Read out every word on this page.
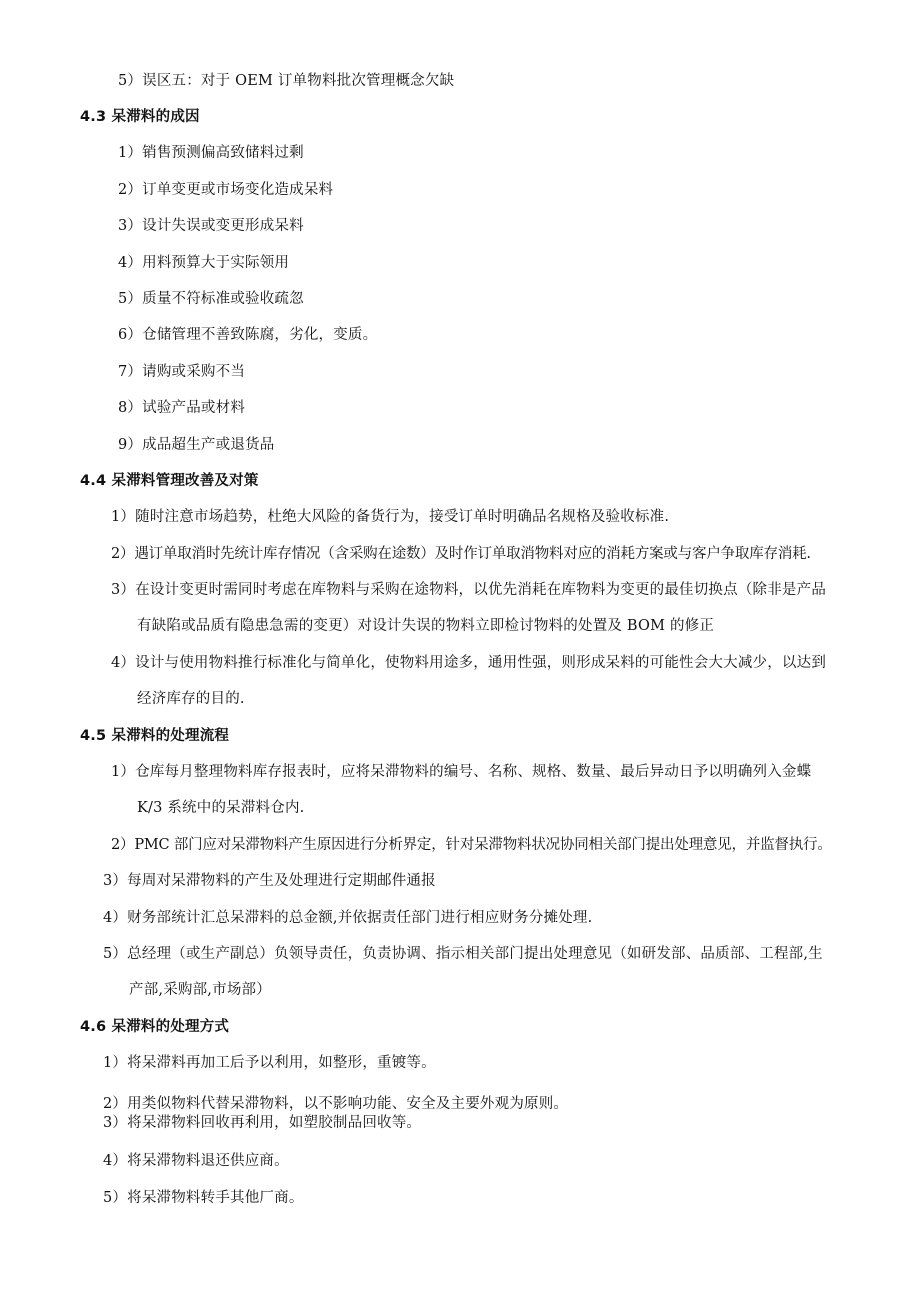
5）误区五：对于 OEM 订单物料批次管理概念欠缺
4.3 呆滞料的成因
1）销售预测偏高致储料过剩
2）订单变更或市场变化造成呆料
3）设计失误或变更形成呆料
4）用料预算大于实际领用
5）质量不符标准或验收疏忽
6）仓储管理不善致陈腐，劣化，变质。
7）请购或采购不当
8）试验产品或材料
9）成品超生产或退货品
4.4 呆滞料管理改善及对策
1）随时注意市场趋势，杜绝大风险的备货行为，接受订单时明确品名规格及验收标准.
2）遇订单取消时先统计库存情况（含采购在途数）及时作订单取消物料对应的消耗方案或与客户争取库存消耗.
3）在设计变更时需同时考虑在库物料与采购在途物料，以优先消耗在库物料为变更的最佳切换点（除非是产品
有缺陷或品质有隐患急需的变更）对设计失误的物料立即检讨物料的处置及 BOM 的修正
4）设计与使用物料推行标准化与简单化，使物料用途多，通用性强，则形成呆料的可能性会大大减少，以达到
经济库存的目的.
4.5 呆滞料的处理流程
1）仓库每月整理物料库存报表时，应将呆滞物料的编号、名称、规格、数量、最后异动日予以明确列入金蝶
K/3 系统中的呆滞料仓内.
2）PMC 部门应对呆滞物料产生原因进行分析界定，针对呆滞物料状况协同相关部门提出处理意见，并监督执行。
3）每周对呆滞物料的产生及处理进行定期邮件通报
4）财务部统计汇总呆滞料的总金额,并依据责任部门进行相应财务分摊处理.
5）总经理（或生产副总）负领导责任，负责协调、指示相关部门提出处理意见（如研发部、品质部、工程部,生
产部,采购部,市场部）
4.6 呆滞料的处理方式
1）将呆滞料再加工后予以利用，如整形，重镀等。
2）用类似物料代替呆滞物料，以不影响功能、安全及主要外观为原则。
3）将呆滞物料回收再利用，如塑胶制品回收等。
4）将呆滞物料退还供应商。
5）将呆滞物料转手其他厂商。
